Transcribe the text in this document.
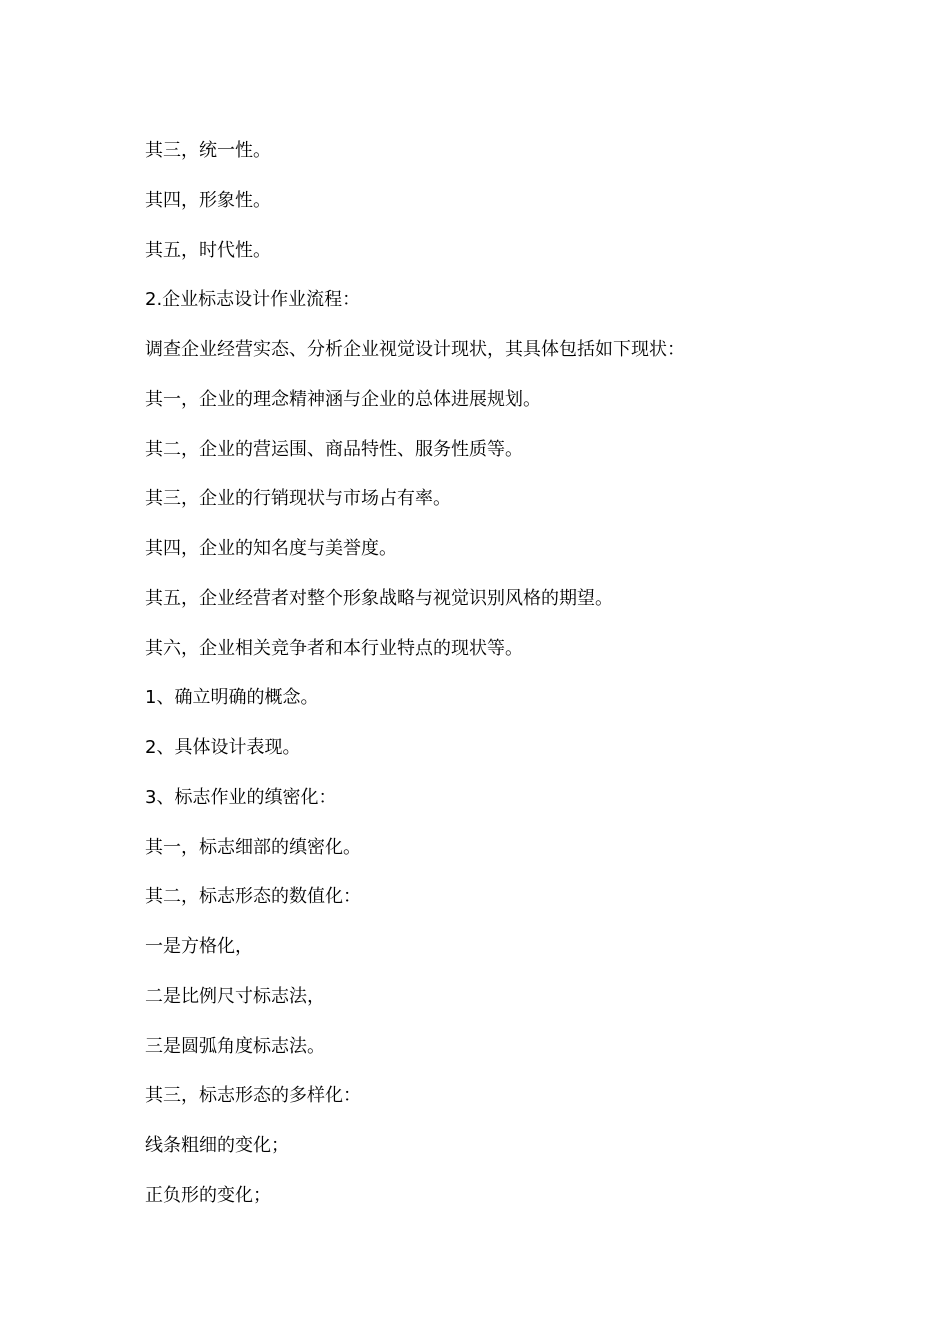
其三，统一性。

其四，形象性。

其五，时代性。

2.企业标志设计作业流程：

调查企业经营实态、分析企业视觉设计现状，其具体包括如下现状：

其一，企业的理念精神涵与企业的总体进展规划。

其二，企业的营运围、商品特性、服务性质等。

其三，企业的行销现状与市场占有率。

其四，企业的知名度与美誉度。

其五，企业经营者对整个形象战略与视觉识别风格的期望。

其六，企业相关竞争者和本行业特点的现状等。

1、确立明确的概念。

2、具体设计表现。

3、标志作业的缜密化：

其一，标志细部的缜密化。

其二，标志形态的数值化：

一是方格化，

二是比例尺寸标志法，

三是圆弧角度标志法。

其三，标志形态的多样化：

线条粗细的变化；

正负形的变化；
